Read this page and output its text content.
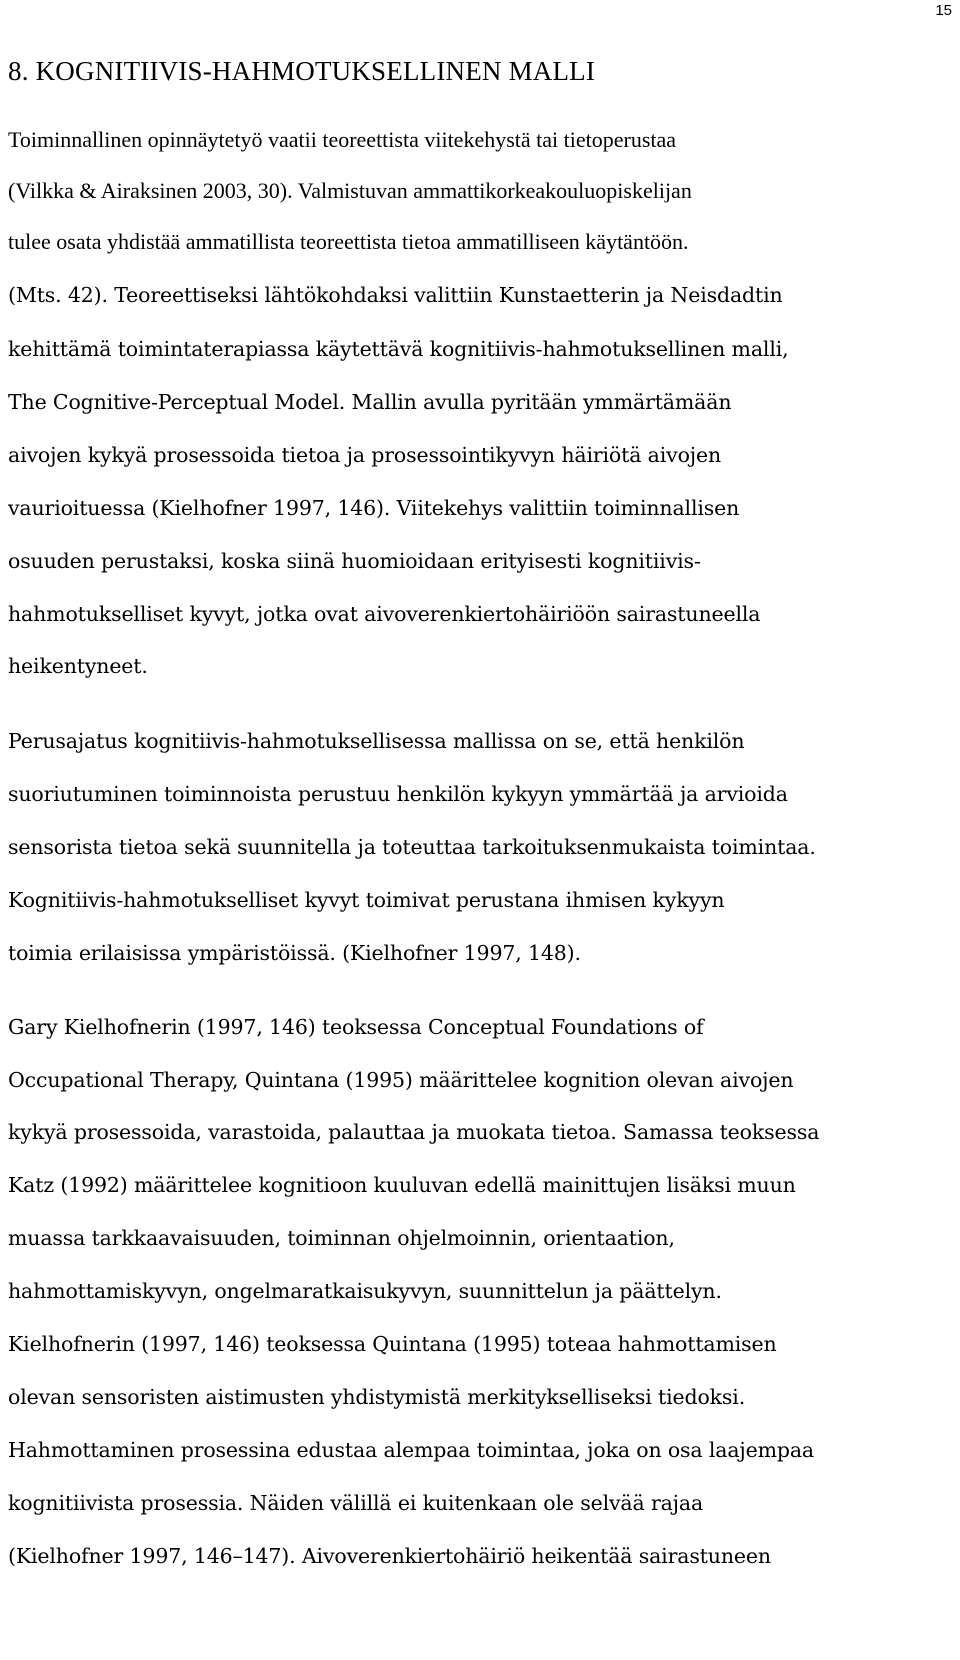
15
8. KOGNITIIVIS-HAHMOTUKSELLINEN MALLI
Toiminnallinen opinnäytetyö vaatii teoreettista viitekehystä tai tietoperustaa
(Vilkka & Airaksinen 2003, 30). Valmistuvan ammattikorkeakouluopiskelijan
tulee osata yhdistää ammatillista teoreettista tietoa ammatilliseen käytäntöön.
(Mts. 42). Teoreettiseksi lähtökohdaksi valittiin Kunstaetterin ja Neisdadtin
kehittämä toimintaterapiassa käytettävä kognitiivis-hahmotuksellinen malli,
The Cognitive-Perceptual Model. Mallin avulla pyritään ymmärtämään
aivojen kykyä prosessoida tietoa ja prosessointikyvyn häiriötä aivojen
vaurioituessa (Kielhofner 1997, 146). Viitekehys valittiin toiminnallisen
osuuden perustaksi, koska siinä huomioidaan erityisesti kognitiivis-
hahmotukselliset kyvyt, jotka ovat aivoverenkiertohäiriöön sairastuneella
heikentyneet.
Perusajatus kognitiivis-hahmotuksellisessa mallissa on se, että henkilön
suoriutuminen toiminnoista perustuu henkilön kykyyn ymmärtää ja arvioida
sensorista tietoa sekä suunnitella ja toteuttaa tarkoituksenmukaista toimintaa.
Kognitiivis-hahmotukselliset kyvyt toimivat perustana ihmisen kykyyn
toimia erilaisissa ympäristöissä. (Kielhofner 1997, 148).
Gary Kielhofnerin (1997, 146) teoksessa Conceptual Foundations of
Occupational Therapy, Quintana (1995) määrittelee kognition olevan aivojen
kykyä prosessoida, varastoida, palauttaa ja muokata tietoa. Samassa teoksessa
Katz (1992) määrittelee kognitioon kuuluvan edellä mainittujen lisäksi muun
muassa tarkkaavaisuuden, toiminnan ohjelmoinnin, orientaation,
hahmottamiskyvyn, ongelmaratkaisukyvyn, suunnittelun ja päättelyn.
Kielhofnerin (1997, 146) teoksessa Quintana (1995) toteaa hahmottamisen
olevan sensoristen aistimusten yhdistymistä merkitykselliseksi tiedoksi.
Hahmottaminen prosessina edustaa alempaa toimintaa, joka on osa laajempaa
kognitiivista prosessia. Näiden välillä ei kuitenkaan ole selvää rajaa
(Kielhofner 1997, 146–147). Aivoverenkiertohäiriö heikentää sairastuneen
